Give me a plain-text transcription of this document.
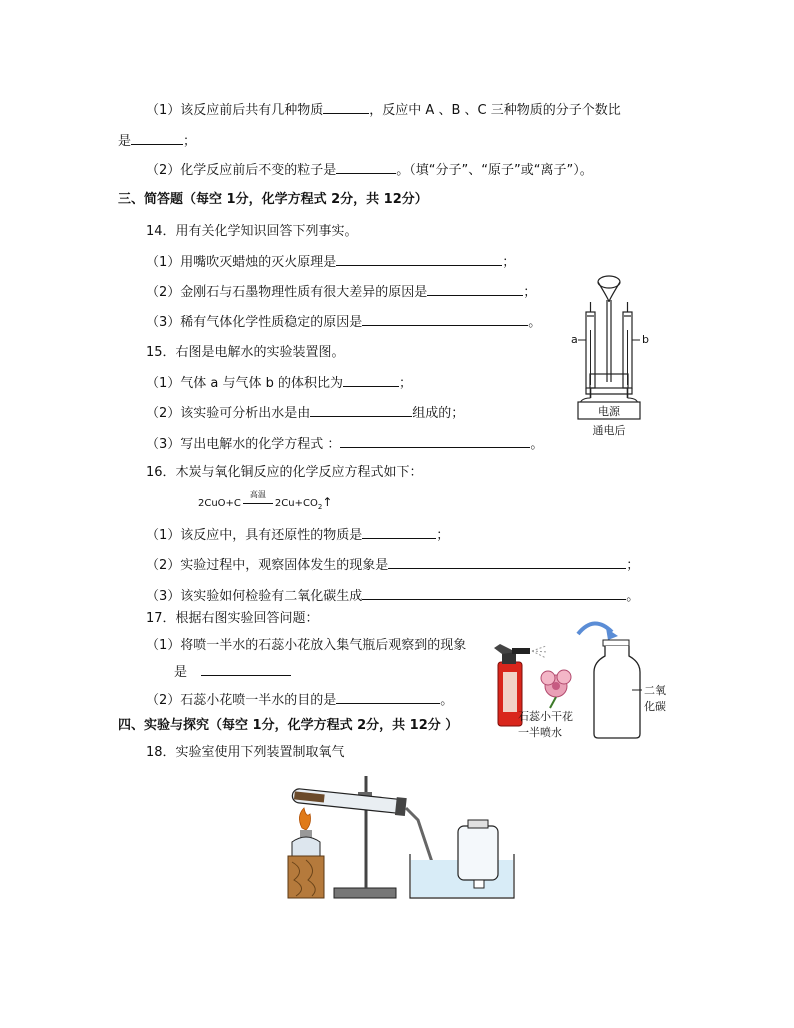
（1）该反应前后共有几种物质	，反应中 A 、B 、C 三种物质的分子个数比
是	；
（2）化学反应前后不变的粒子是	。（填“分子”、“原子”或“离子”）。
三、简答题（每空 1分，化学方程式 2分，共 12分）
14．用有关化学知识回答下列事实。
（1）用嘴吹灭蜡烛的灭火原理是	；
（2）金刚石与石墨物理性质有很大差异的原因是	；
（3）稀有气体化学性质稳定的原因是	。
15．右图是电解水的实验装置图。
（1）气体 a 与气体 b 的体积比为	；
（2）该实验可分析出水是由	组成的；
（3）写出电解水的化学方程式 ：	。
a	b
电源
通电后
16．木炭与氧化铜反应的化学反应方程式如下：
2CuO+C
高温
$2Cu+CO_2↑$
（1）该反应中，具有还原性的物质是	；
（2）实验过程中，观察固体发生的现象是	；
（3）该实验如何检验有二氧化碳生成	。
17．根据右图实验回答问题：
（1）将喷一半水的石蕊小花放入集气瓶后观察到的现象
是
（2）石蕊小花喷一半水的目的是	。
石蕊小干花
一半喷水
二氧
化碳
四、实验与探究（每空 1分，化学方程式 2分，共 12分 ）
18．实验室使用下列装置制取氧气
